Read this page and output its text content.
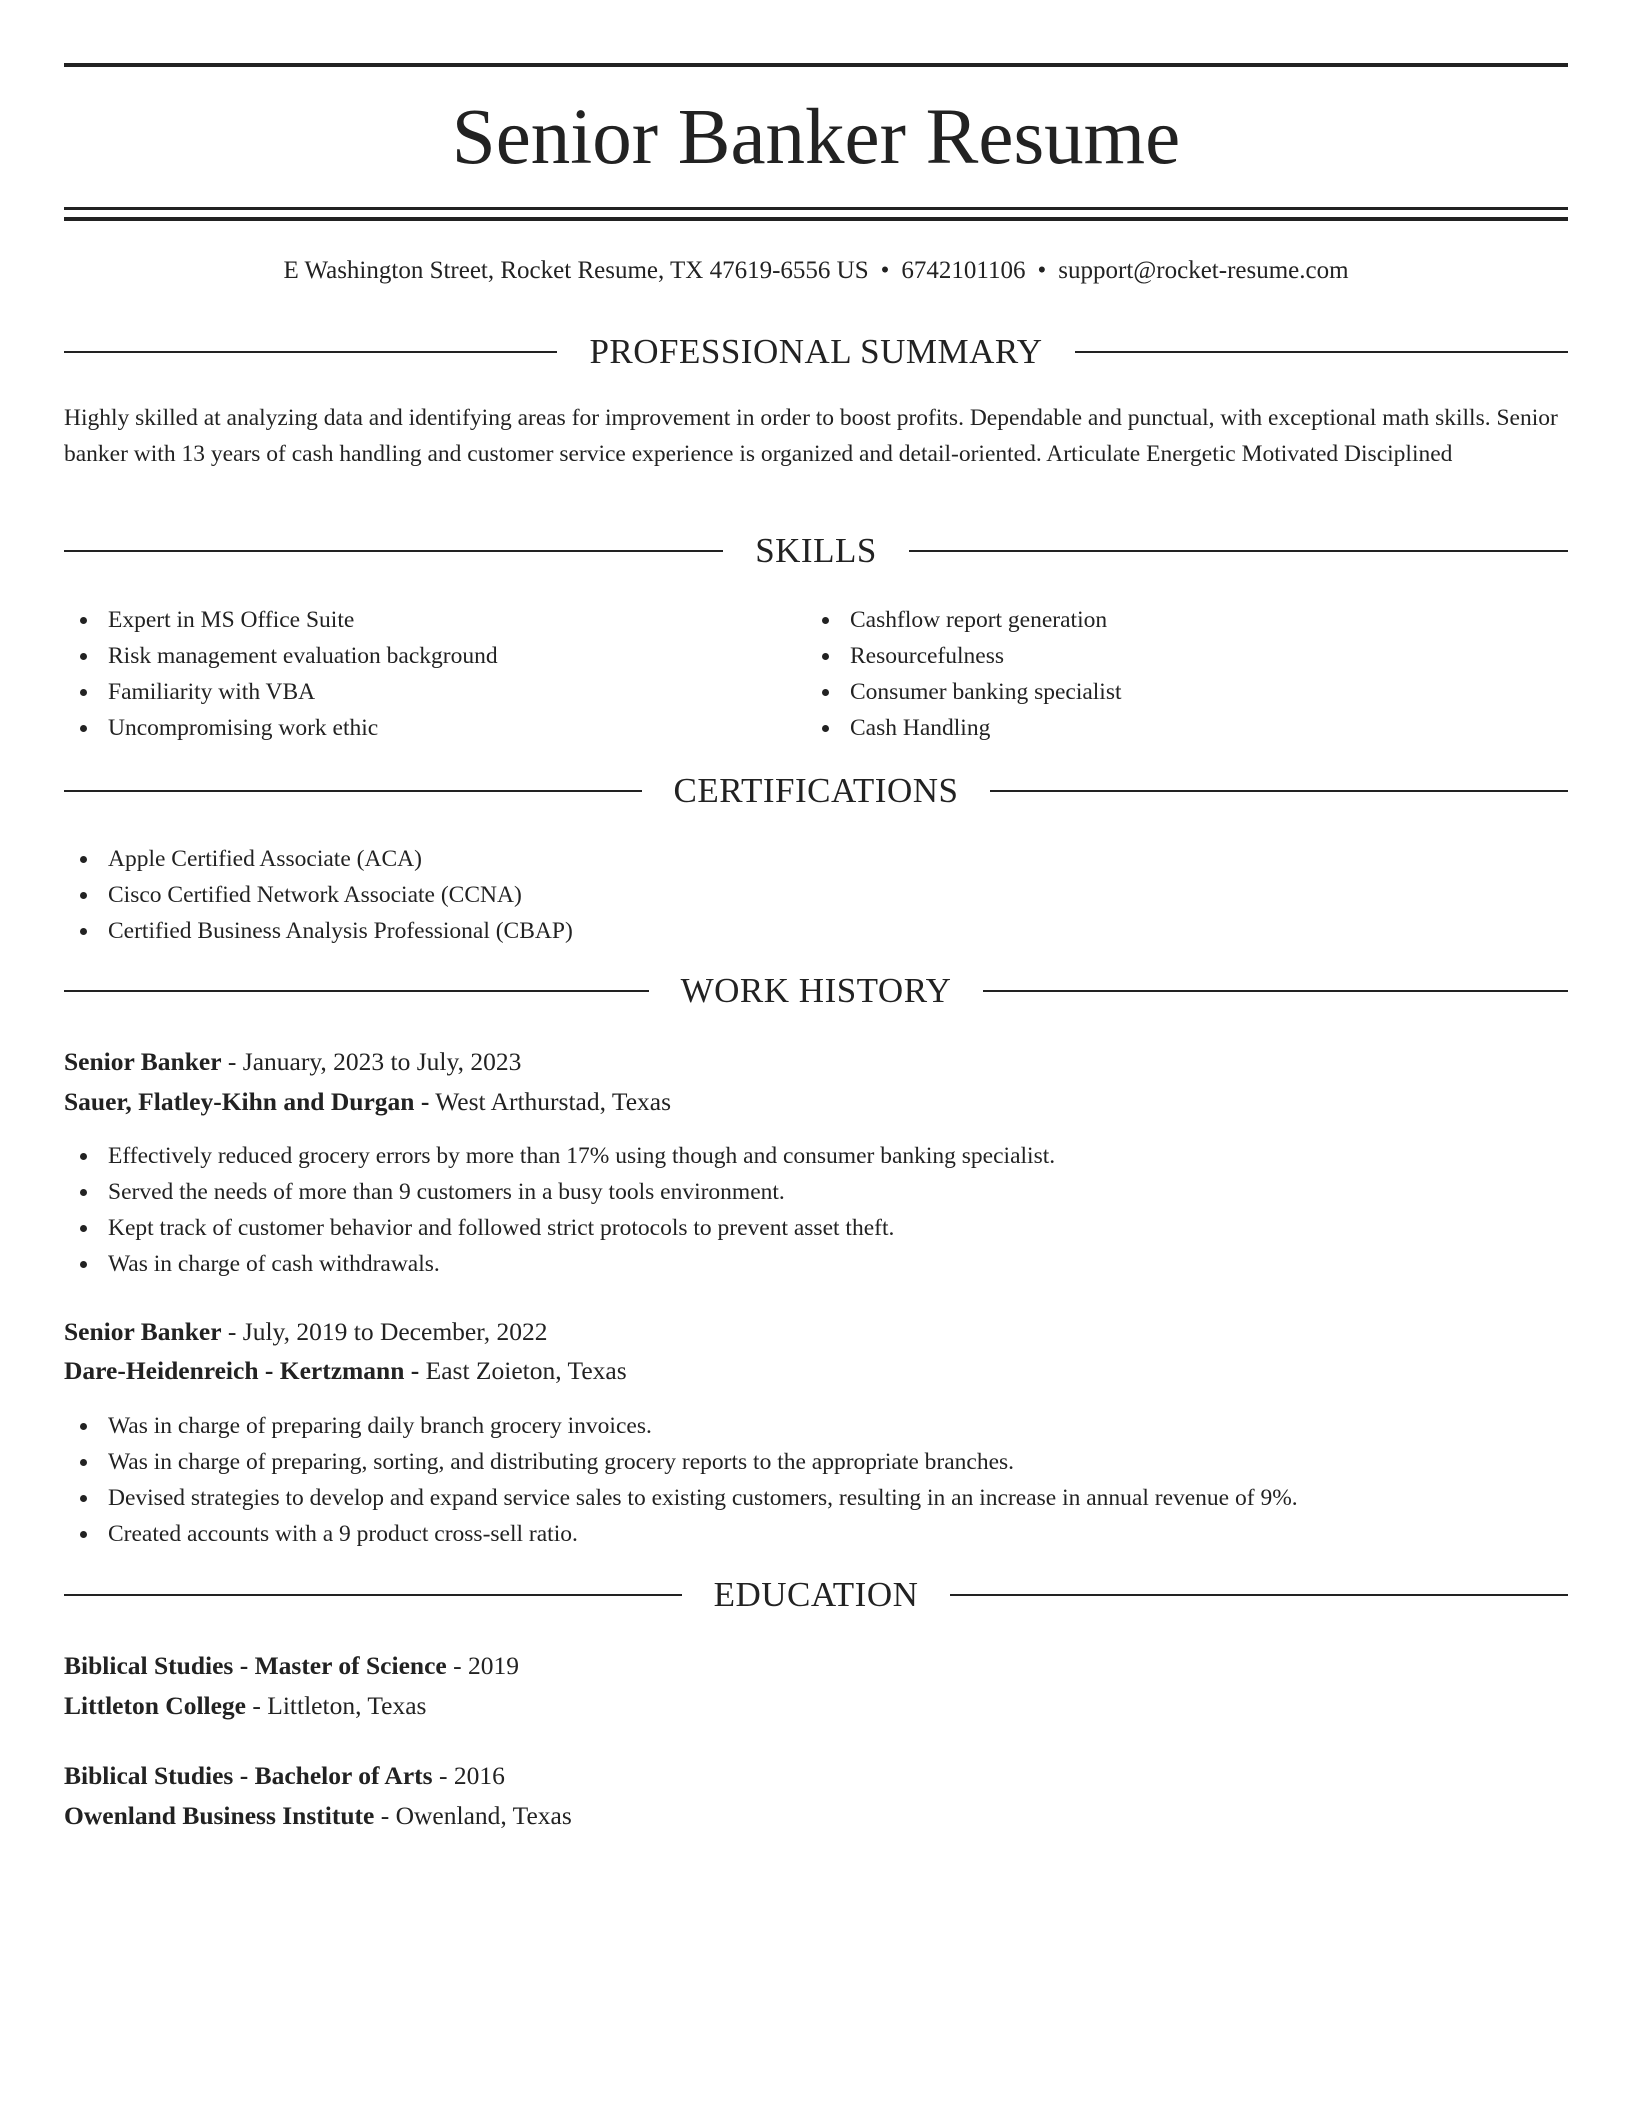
Senior Banker Resume
E Washington Street, Rocket Resume, TX 47619-6556 US • 6742101106 • support@rocket-resume.com
PROFESSIONAL SUMMARY

Highly skilled at analyzing data and identifying areas for improvement in order to boost profits. Dependable and punctual, with exceptional math skills. Senior banker with 13 years of cash handling and customer service experience is organized and detail-oriented. Articulate Energetic Motivated Disciplined

SKILLS
Expert in MS Office Suite
Risk management evaluation background
Familiarity with VBA
Uncompromising work ethic
Cashflow report generation
Resourcefulness
Consumer banking specialist
Cash Handling
CERTIFICATIONS
Apple Certified Associate (ACA)
Cisco Certified Network Associate (CCNA)
Certified Business Analysis Professional (CBAP)
WORK HISTORY
Senior Banker - January, 2023 to July, 2023
Sauer, Flatley-Kihn and Durgan - West Arthurstad, Texas
Effectively reduced grocery errors by more than 17% using though and consumer banking specialist.
Served the needs of more than 9 customers in a busy tools environment.
Kept track of customer behavior and followed strict protocols to prevent asset theft.
Was in charge of cash withdrawals.
Senior Banker - July, 2019 to December, 2022
Dare-Heidenreich - Kertzmann - East Zoieton, Texas
Was in charge of preparing daily branch grocery invoices.
Was in charge of preparing, sorting, and distributing grocery reports to the appropriate branches.
Devised strategies to develop and expand service sales to existing customers, resulting in an increase in annual revenue of 9%.
Created accounts with a 9 product cross-sell ratio.
EDUCATION
Biblical Studies - Master of Science - 2019
Littleton College - Littleton, Texas
Biblical Studies - Bachelor of Arts - 2016
Owenland Business Institute - Owenland, Texas
